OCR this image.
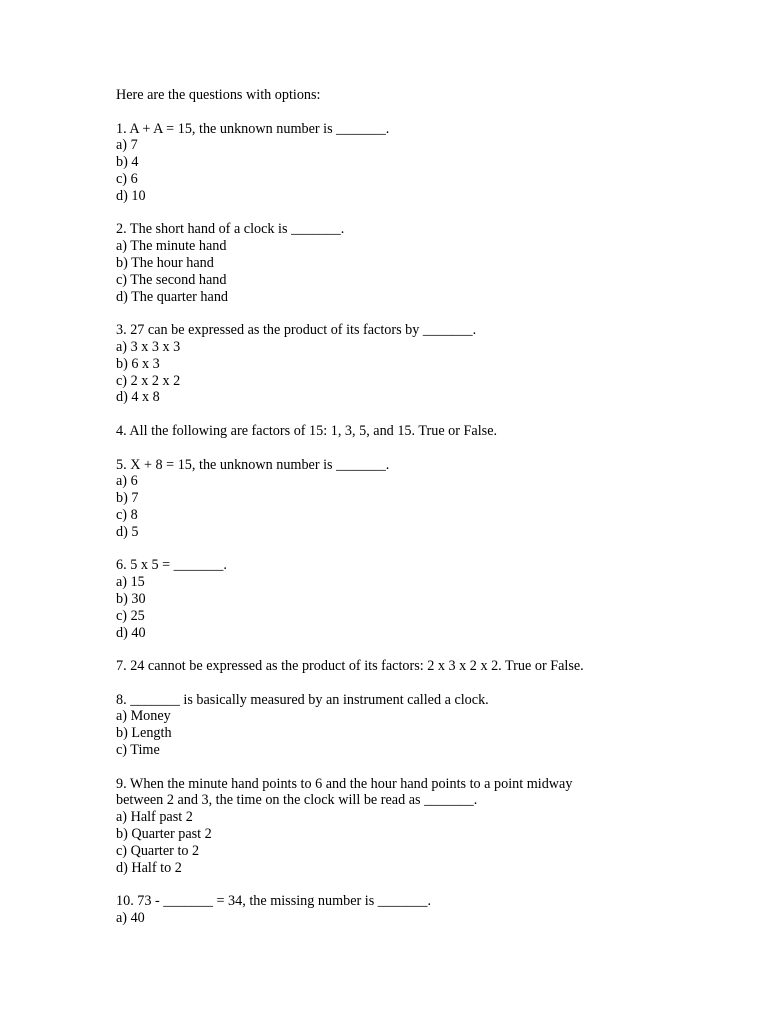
Here are the questions with options:

1. A + A = 15, the unknown number is _______.
a) 7
b) 4
c) 6
d) 10
2. The short hand of a clock is _______.
a) The minute hand
b) The hour hand
c) The second hand
d) The quarter hand
3. 27 can be expressed as the product of its factors by _______.
a) 3 x 3 x 3
b) 6 x 3
c) 2 x 2 x 2
d) 4 x 8
4. All the following are factors of 15: 1, 3, 5, and 15. True or False.
5. X + 8 = 15, the unknown number is _______.
a) 6
b) 7
c) 8
d) 5
6. 5 x 5 = _______.
a) 15
b) 30
c) 25
d) 40
7. 24 cannot be expressed as the product of its factors: 2 x 3 x 2 x 2. True or False.
8. _______ is basically measured by an instrument called a clock.
a) Money
b) Length
c) Time
9. When the minute hand points to 6 and the hour hand points to a point midway
between 2 and 3, the time on the clock will be read as _______.
a) Half past 2
b) Quarter past 2
c) Quarter to 2
d) Half to 2
10. 73 - _______ = 34, the missing number is _______.
a) 40
